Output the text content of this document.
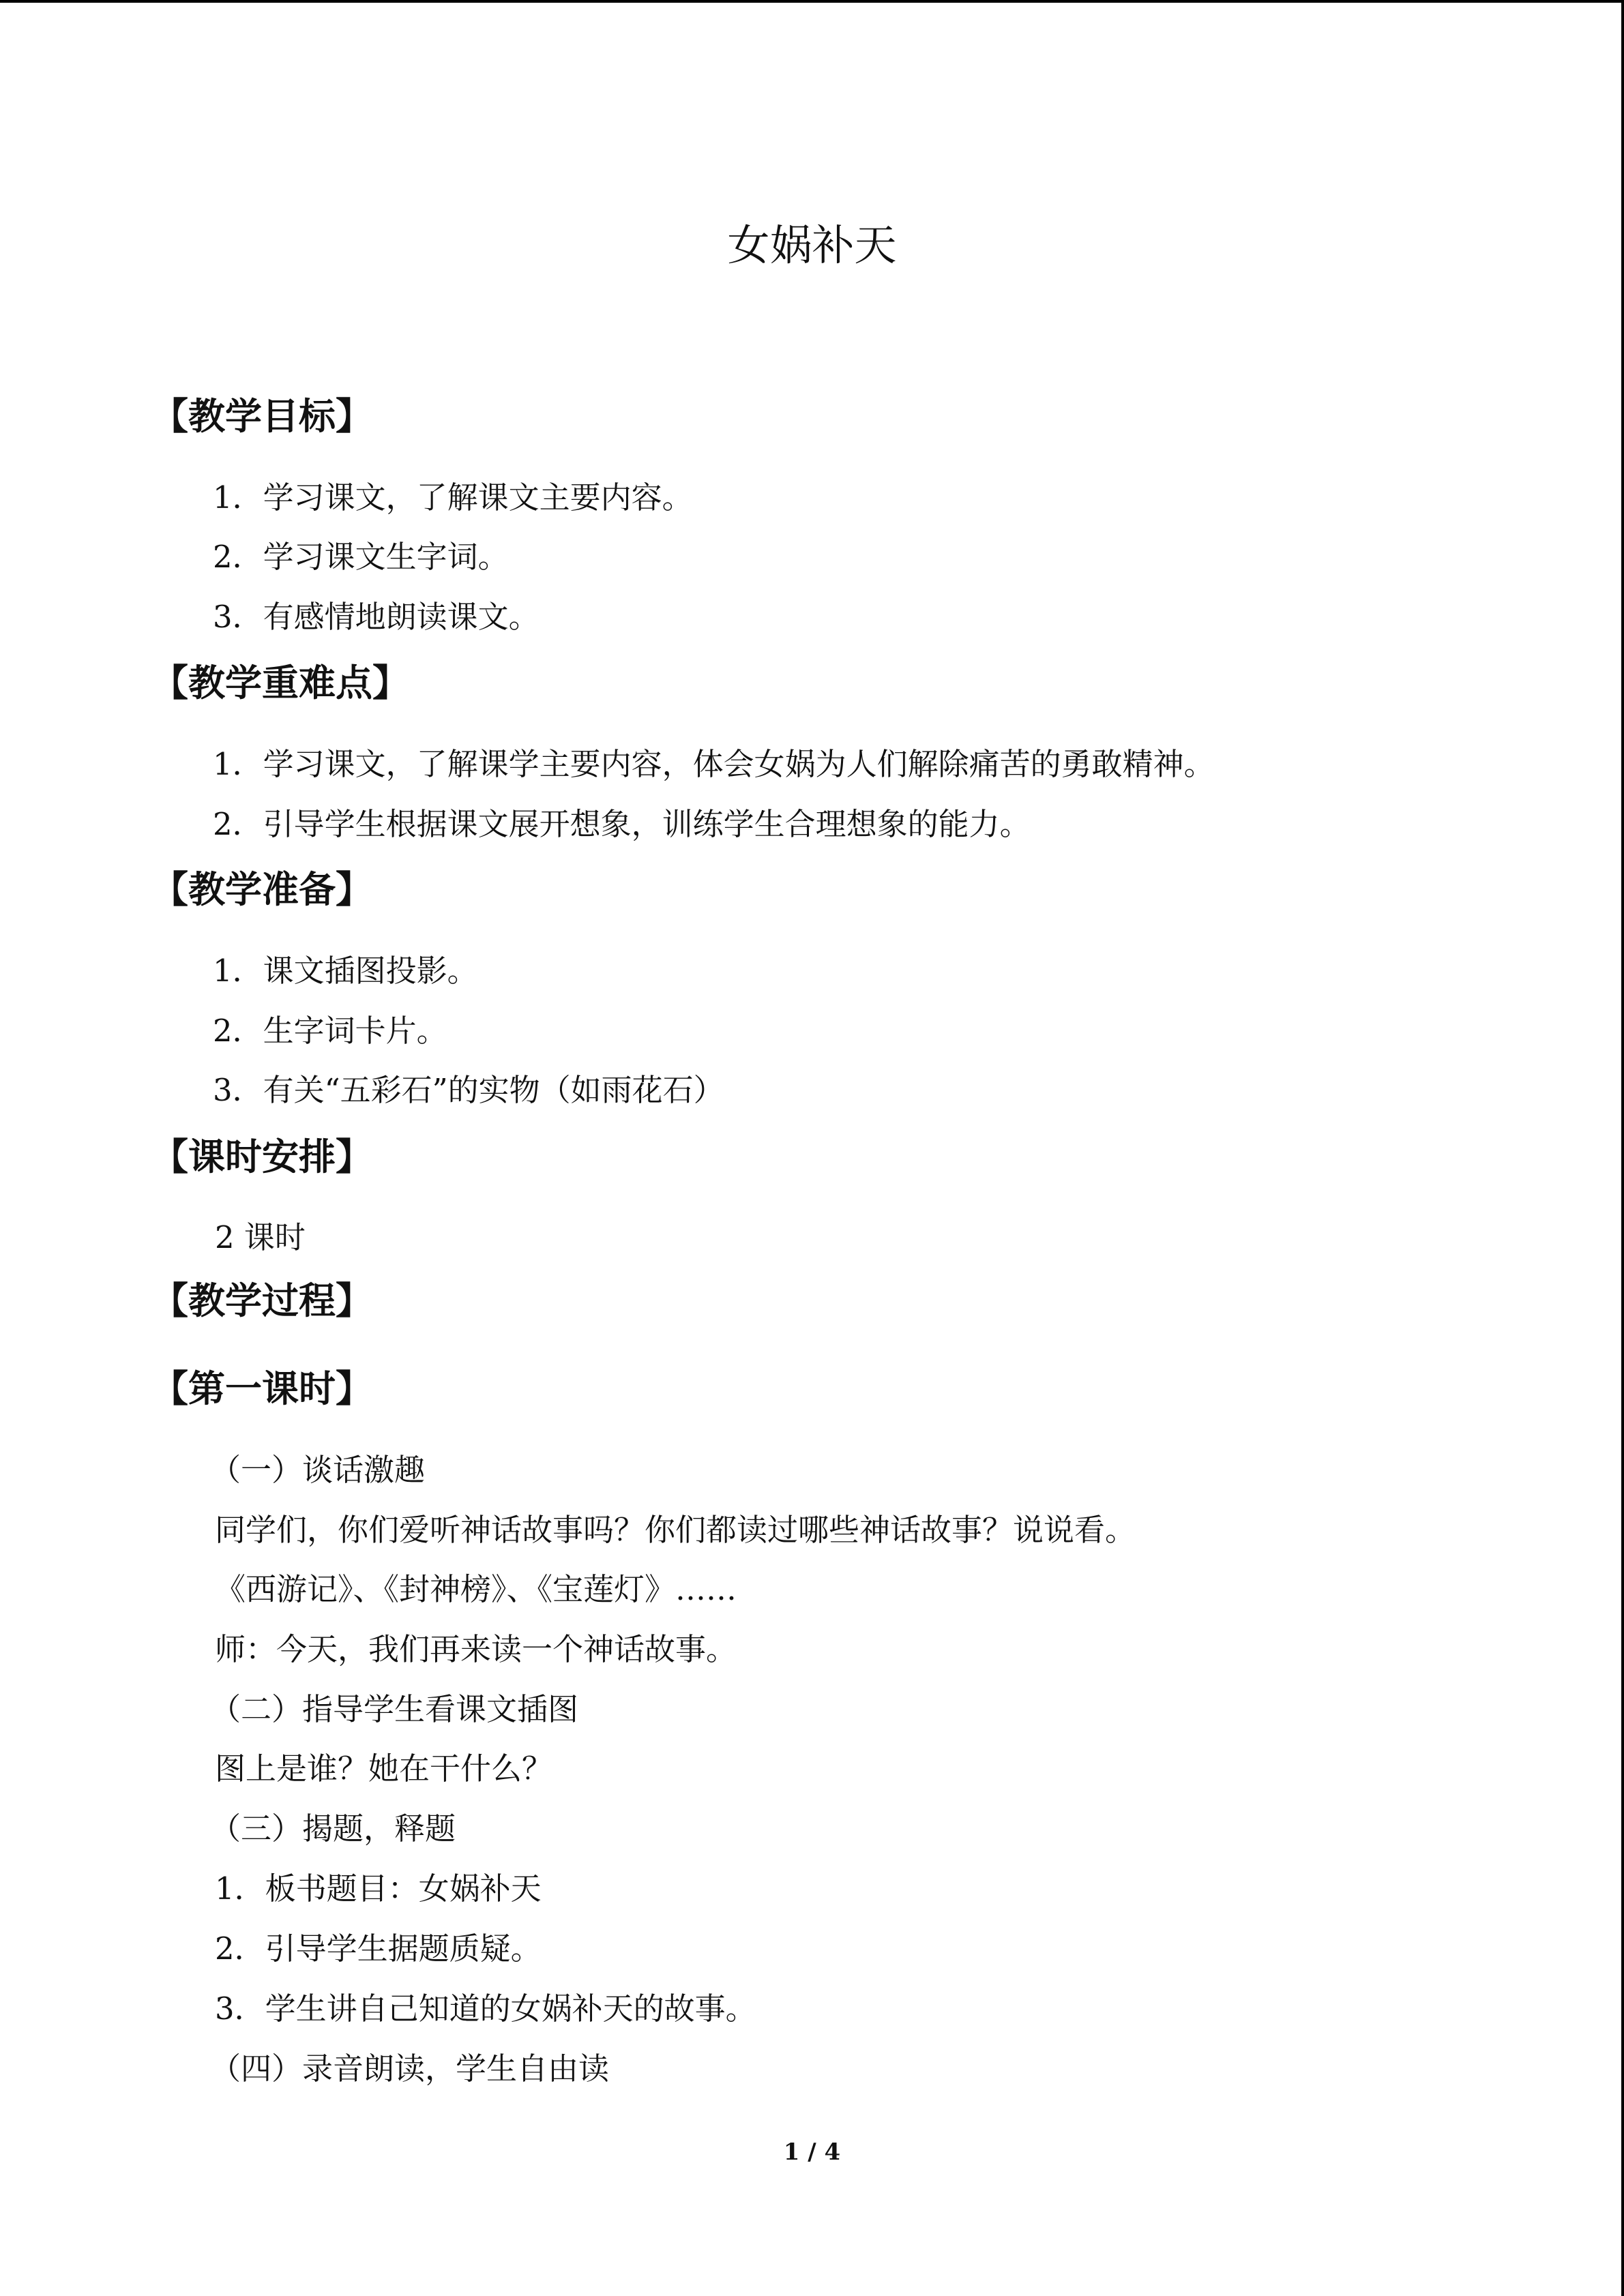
女娲补天
【教学目标】
1．学习课文，了解课文主要内容。
2．学习课文生字词。
3．有感情地朗读课文。
【教学重难点】
1．学习课文，了解课学主要内容，体会女娲为人们解除痛苦的勇敢精神。
2．引导学生根据课文展开想象，训练学生合理想象的能力。
【教学准备】
1．课文插图投影。
2．生字词卡片。
3．有关“五彩石”的实物（如雨花石）
【课时安排】
2 课时
【教学过程】
【第一课时】
（一）谈话激趣
同学们，你们爱听神话故事吗？你们都读过哪些神话故事？说说看。
《西游记》、《封神榜》、《宝莲灯》……
师：今天，我们再来读一个神话故事。
（二）指导学生看课文插图
图上是谁？她在干什么？
（三）揭题，释题
1．板书题目：女娲补天
2．引导学生据题质疑。
3．学生讲自己知道的女娲补天的故事。
（四）录音朗读，学生自由读
1 / 4
